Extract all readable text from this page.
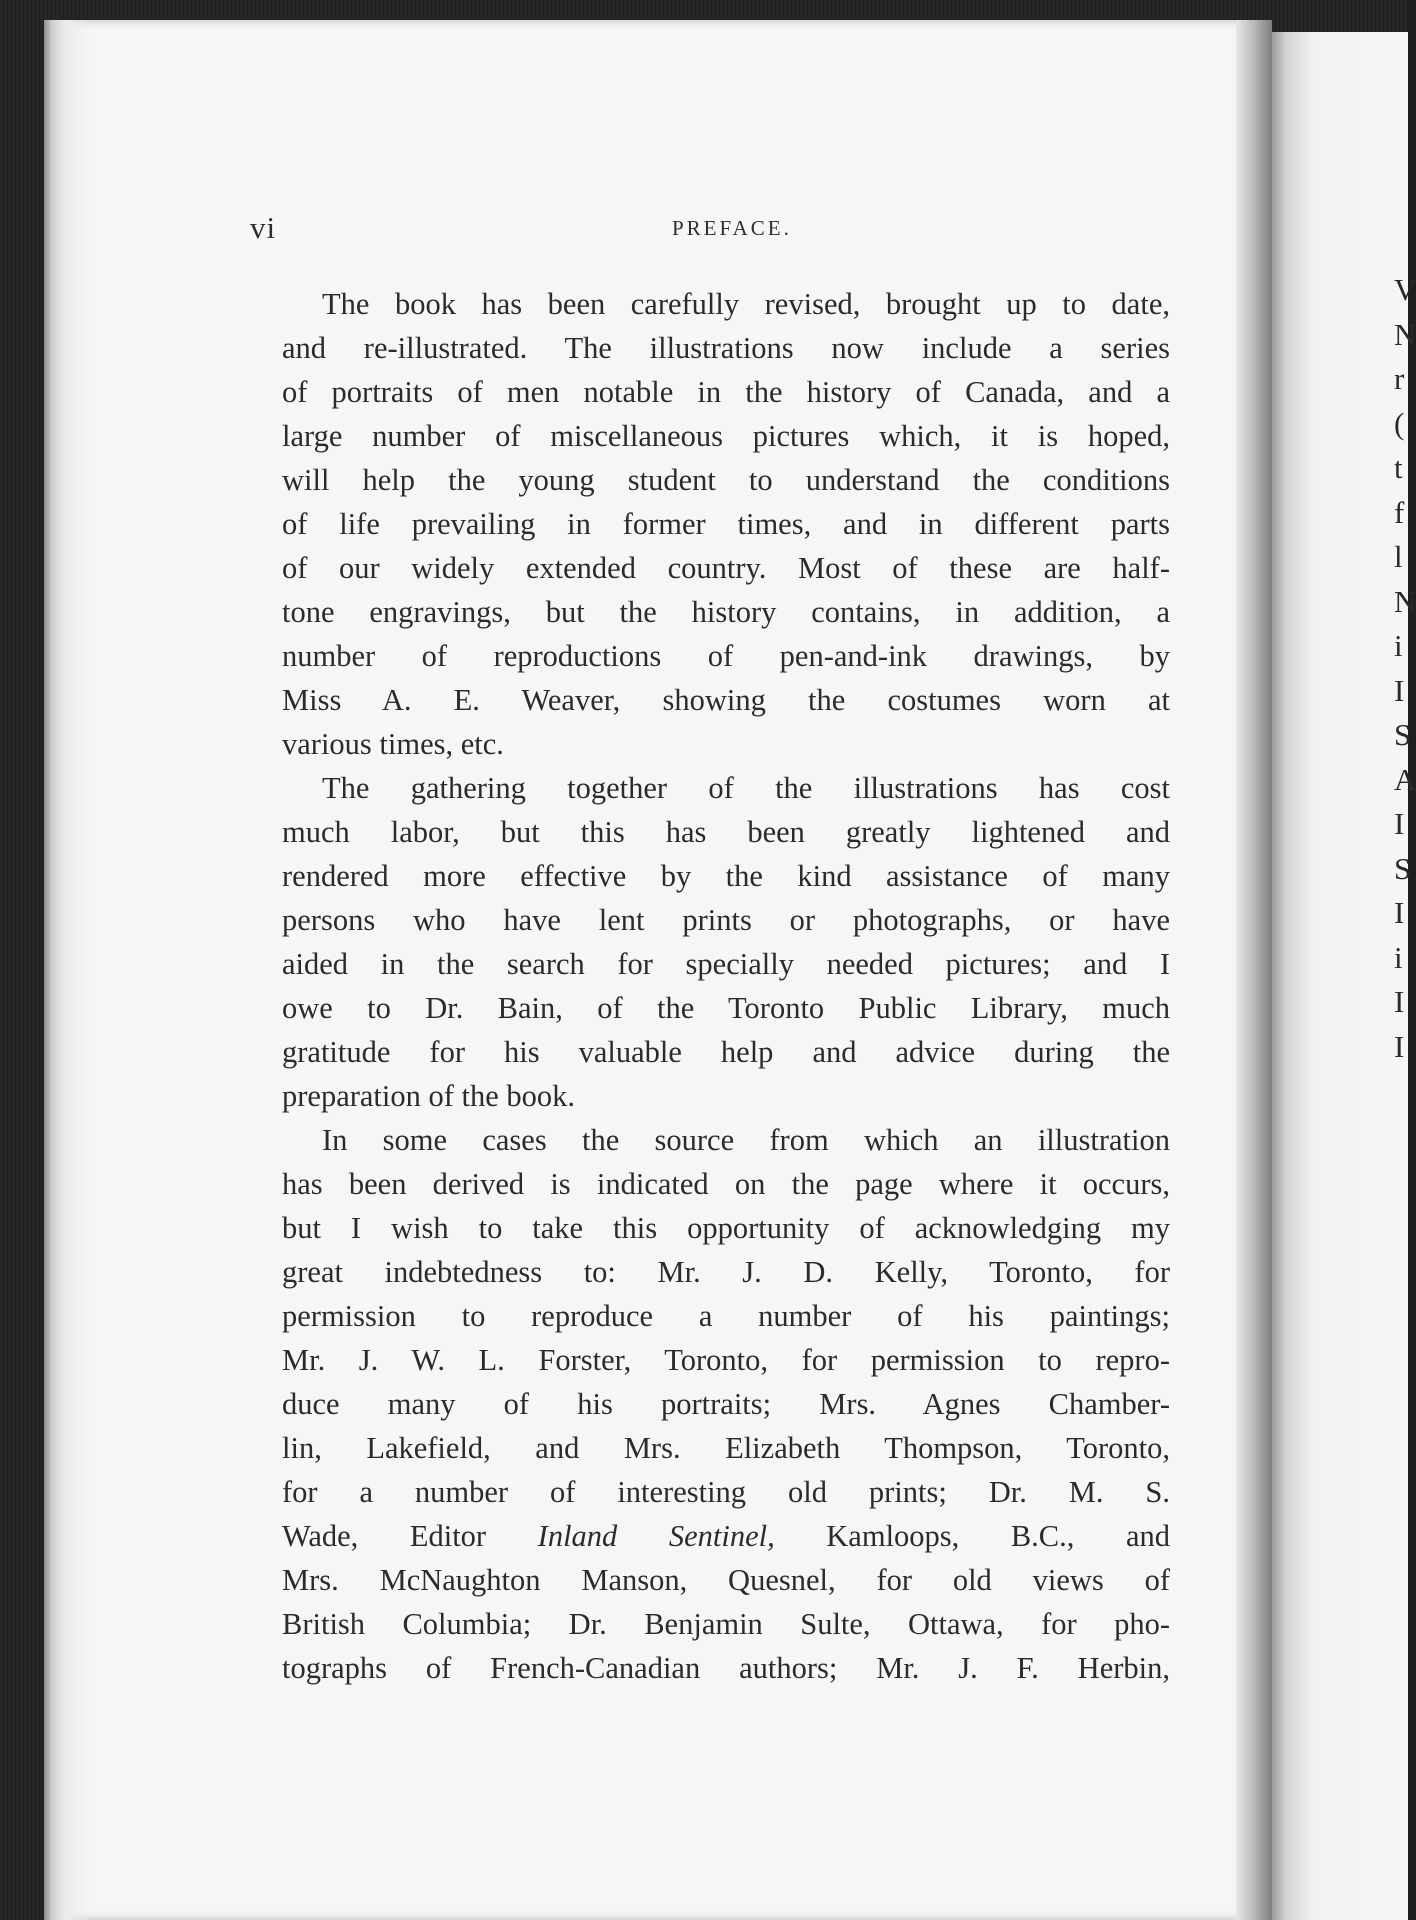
V
N
r
(
t
f
l
N
i
I
S
A
I
S
I
i
I
I
vi	PREFACE.
The book has been carefully revised, brought up to date,
and re-illustrated. The illustrations now include a series
of portraits of men notable in the history of Canada, and a
large number of miscellaneous pictures which, it is hoped,
will help the young student to understand the conditions
of life prevailing in former times, and in different parts
of our widely extended country. Most of these are half-
tone engravings, but the history contains, in addition, a
number of reproductions of pen-and-ink drawings, by
Miss A. E. Weaver, showing the costumes worn at
various times, etc.
The gathering together of the illustrations has cost
much labor, but this has been greatly lightened and
rendered more effective by the kind assistance of many
persons who have lent prints or photographs, or have
aided in the search for specially needed pictures; and I
owe to Dr. Bain, of the Toronto Public Library, much
gratitude for his valuable help and advice during the
preparation of the book.
In some cases the source from which an illustration
has been derived is indicated on the page where it occurs,
but I wish to take this opportunity of acknowledging my
great indebtedness to: Mr. J. D. Kelly, Toronto, for
permission to reproduce a number of his paintings;
Mr. J. W. L. Forster, Toronto, for permission to repro-
duce many of his portraits; Mrs. Agnes Chamber-
lin, Lakefield, and Mrs. Elizabeth Thompson, Toronto,
for a number of interesting old prints; Dr. M. S.
Wade, Editor Inland Sentinel, Kamloops, B.C., and
Mrs. McNaughton Manson, Quesnel, for old views of
British Columbia; Dr. Benjamin Sulte, Ottawa, for pho-
tographs of French-Canadian authors; Mr. J. F. Herbin,
